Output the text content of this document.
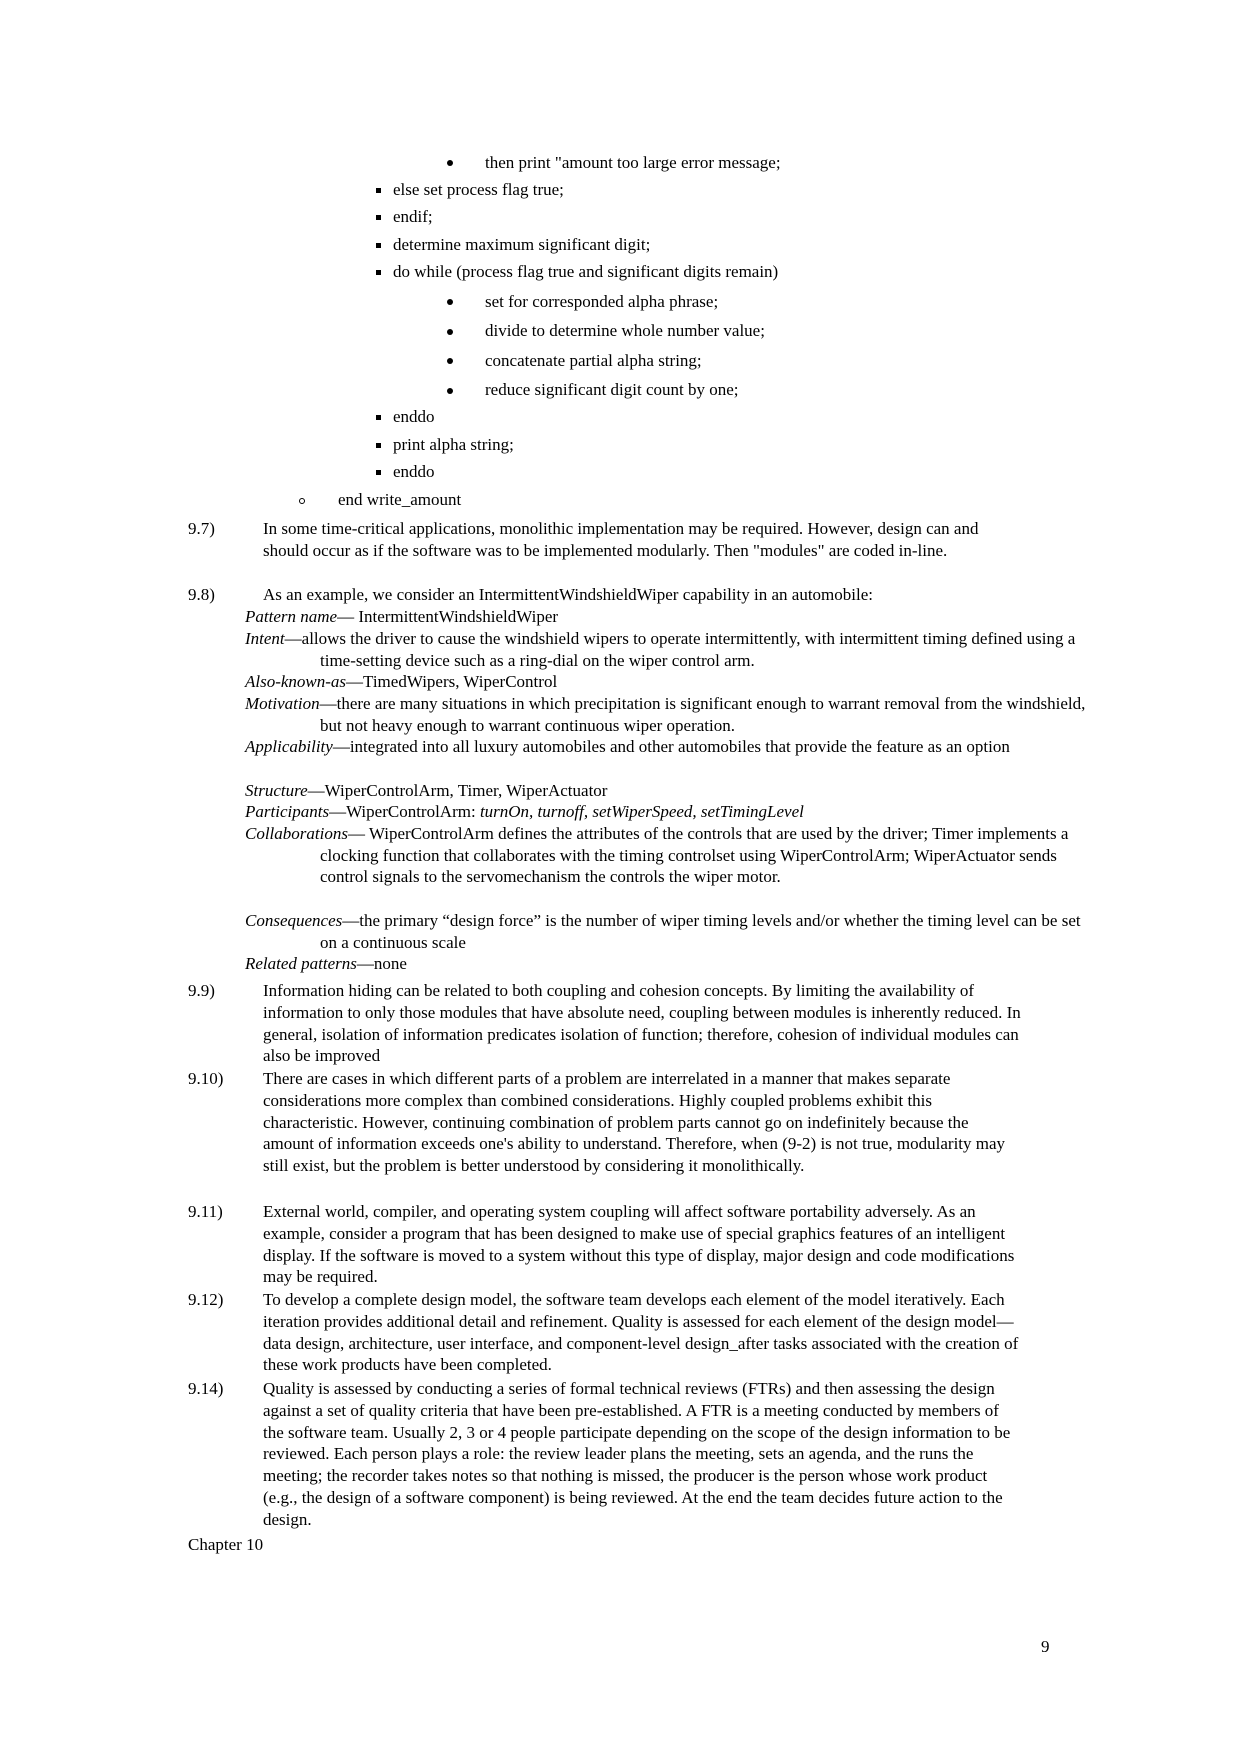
then print "amount too large error message;
else set process flag true;
endif;
determine maximum significant digit;
do while (process flag true and significant digits remain)
set for corresponded alpha phrase;
divide to determine whole number value;
concatenate partial alpha string;
reduce significant digit count by one;
enddo
print alpha string;
enddo
end write_amount
9.7)	In some time-critical applications, monolithic implementation may be required. However, design can and should occur as if the software was to be implemented modularly. Then "modules" are coded in-line.
9.8)	As an example, we consider an IntermittentWindshieldWiper capability in an automobile:
Pattern name— IntermittentWindshieldWiper
Intent—allows the driver to cause the windshield wipers to operate intermittently, with intermittent timing defined using a time-setting device such as a ring-dial on the wiper control arm.
Also-known-as—TimedWipers, WiperControl
Motivation—there are many situations in which precipitation is significant enough to warrant removal from the windshield, but not heavy enough to warrant continuous wiper operation.
Applicability—integrated into all luxury automobiles and other automobiles that provide the feature as an option
Structure—WiperControlArm, Timer, WiperActuator
Participants—WiperControlArm: turnOn, turnoff, setWiperSpeed, setTimingLevel
Collaborations— WiperControlArm defines the attributes of the controls that are used by the driver; Timer implements a clocking function that collaborates with the timing controlset using WiperControlArm; WiperActuator sends control signals to the servomechanism the controls the wiper motor.
Consequences—the primary “design force” is the number of wiper timing levels and/or whether the timing level can be set on a continuous scale
Related patterns—none
9.9)	Information hiding can be related to both coupling and cohesion concepts. By limiting the availability of information to only those modules that have absolute need, coupling between modules is inherently reduced. In general, isolation of information predicates isolation of function; therefore, cohesion of individual modules can also be improved
9.10) There are cases in which different parts of a problem are interrelated in a manner that makes separate considerations more complex than combined considerations. Highly coupled problems exhibit this characteristic. However, continuing combination of problem parts cannot go on indefinitely because the amount of information exceeds one's ability to understand. Therefore, when (9-2) is not true, modularity may still exist, but the problem is better understood by considering it monolithically.
9.11) External world, compiler, and operating system coupling will affect software portability adversely. As an example, consider a program that has been designed to make use of special graphics features of an intelligent display. If the software is moved to a system without this type of display, major design and code modifications may be required.
9.12) To develop a complete design model, the software team develops each element of the model iteratively. Each iteration provides additional detail and refinement. Quality is assessed for each element of the design model—data design, architecture, user interface, and component-level design_after tasks associated with the creation of these work products have been completed.
9.14) Quality is assessed by conducting a series of formal technical reviews (FTRs) and then assessing the design against a set of quality criteria that have been pre-established. A FTR is a meeting conducted by members of the software team. Usually 2, 3 or 4 people participate depending on the scope of the design information to be reviewed. Each person plays a role: the review leader plans the meeting, sets an agenda, and the runs the meeting; the recorder takes notes so that nothing is missed, the producer is the person whose work product (e.g., the design of a software component) is being reviewed. At the end the team decides future action to the design.
Chapter 10
9
